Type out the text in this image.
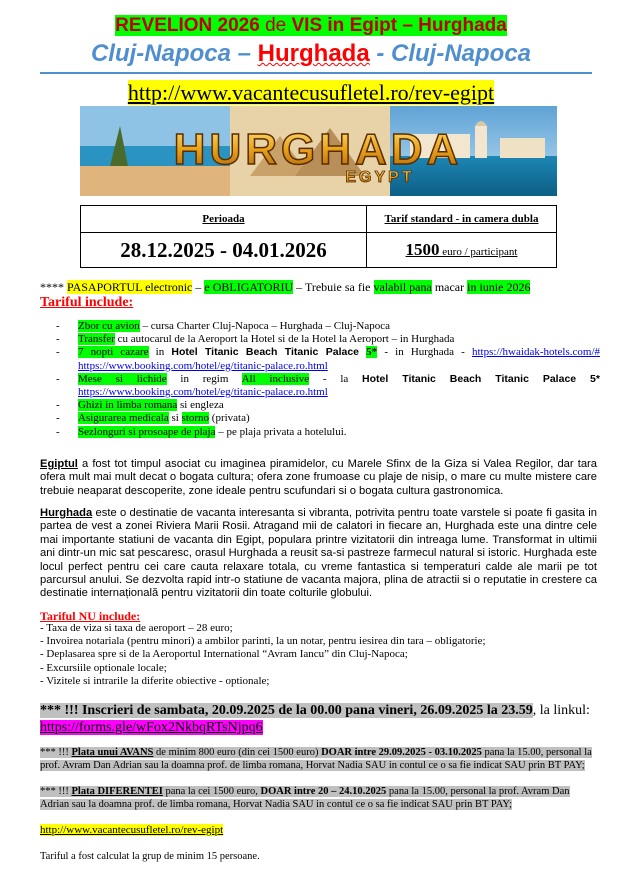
REVELION 2026 de VIS in Egipt – Hurghada
Cluj-Napoca – Hurghada - Cluj-Napoca
http://www.vacantecusufletel.ro/rev-egipt
HURGHADA
EGYPT
Perioada	Tarif standard - in camera dubla
28.12.2025 - 04.01.2026	1500 euro / participant
**** PASAPORTUL electronic – e OBLIGATORIU – Trebuie sa fie valabil pana macar in iunie 2026
Tariful include:
- Zbor cu avion – cursa Charter Cluj-Napoca – Hurghada – Cluj-Napoca
- Transfer cu autocarul de la Aeroport la Hotel si de la Hotel la Aeroport – in Hurghada
- 7 nopti cazare in Hotel Titanic Beach Titanic Palace 5* - in Hurghada - https://hwaidak-hotels.com/# https://www.booking.com/hotel/eg/titanic-palace.ro.html
- Mese si lichide in regim All inclusive - la Hotel Titanic Beach Titanic Palace 5* https://www.booking.com/hotel/eg/titanic-palace.ro.html
- Ghizi in limba romana si engleza
- Asigurarea medicala si storno (privata)
- Sezlonguri si prosoape de plaja – pe plaja privata a hotelului.
Egiptul a fost tot timpul asociat cu imaginea piramidelor, cu Marele Sfinx de la Giza si Valea Regilor, dar tara ofera mult mai mult decat o bogata cultura; ofera zone frumoase cu plaje de nisip, o mare cu multe mistere care trebuie neaparat descoperite, zone ideale pentru scufundari si o bogata cultura gastronomica.
Hurghada este o destinatie de vacanta interesanta si vibranta, potrivita pentru toate varstele si poate fi gasita in partea de vest a zonei Riviera Marii Rosii. Atragand mii de calatori in fiecare an, Hurghada este una dintre cele mai importante statiuni de vacanta din Egipt, populara printre vizitatorii din intreaga lume. Transformat in ultimii ani dintr-un mic sat pescaresc, orasul Hurghada a reusit sa-si pastreze farmecul natural si istoric. Hurghada este locul perfect pentru cei care cauta relaxare totala, cu vreme fantastica si temperaturi calde ale marii pe tot parcursul anului. Se dezvolta rapid intr-o statiune de vacanta majora, plina de atractii si o reputatie in crestere ca destinatie internațională pentru vizitatorii din toate colturile globului.
Tariful NU include:
- Taxa de viza si taxa de aeroport – 28 euro;
- Invoirea notariala (pentru minori) a ambilor parinti, la un notar, pentru iesirea din tara – obligatorie;
- Deplasarea spre si de la Aeroportul International “Avram Iancu” din Cluj-Napoca;
- Excursiile optionale locale;
- Vizitele si intrarile la diferite obiective - optionale;
*** !!! Inscrieri de sambata, 20.09.2025 de la 00.00 pana vineri, 26.09.2025 la 23.59, la linkul: https://forms.gle/wFox2NkbqRTsNjpq6
*** !!! Plata unui AVANS de minim 800 euro (din cei 1500 euro) DOAR intre 29.09.2025 - 03.10.2025 pana la 15.00, personal la prof. Avram Dan Adrian sau la doamna prof. de limba romana, Horvat Nadia SAU in contul ce o sa fie indicat SAU prin BT PAY;
*** !!! Plata DIFERENTEI pana la cei 1500 euro, DOAR intre 20 – 24.10.2025 pana la 15.00, personal la prof. Avram Dan Adrian sau la doamna prof. de limba romana, Horvat Nadia SAU in contul ce o sa fie indicat SAU prin BT PAY;
http://www.vacantecusufletel.ro/rev-egipt
Tariful a fost calculat la grup de minim 15 persoane.
